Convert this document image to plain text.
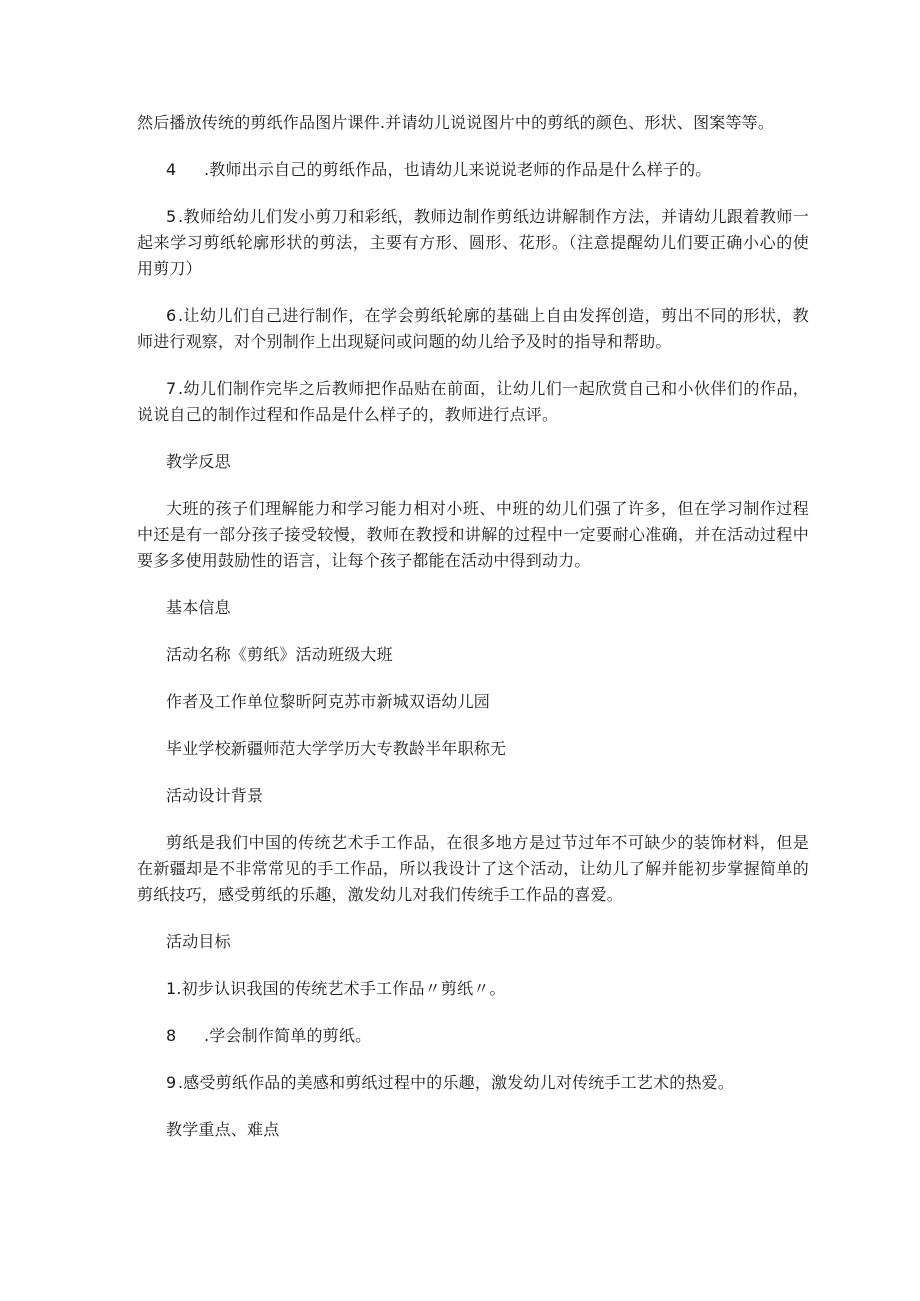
然后播放传统的剪纸作品图片课件.并请幼儿说说图片中的剪纸的颜色、形状、图案等等。

4 .教师出示自己的剪纸作品，也请幼儿来说说老师的作品是什么样子的。

5 .教师给幼儿们发小剪刀和彩纸，教师边制作剪纸边讲解制作方法，并请幼儿跟着教师一起来学习剪纸轮廓形状的剪法，主要有方形、圆形、花形。（注意提醒幼儿们要正确小心的使用剪刀）

6 .让幼儿们自己进行制作，在学会剪纸轮廓的基础上自由发挥创造，剪出不同的形状，教师进行观察，对个别制作上出现疑问或问题的幼儿给予及时的指导和帮助。

7 .幼儿们制作完毕之后教师把作品贴在前面，让幼儿们一起欣赏自己和小伙伴们的作品，说说自己的制作过程和作品是什么样子的，教师进行点评。

教学反思

大班的孩子们理解能力和学习能力相对小班、中班的幼儿们强了许多，但在学习制作过程中还是有一部分孩子接受较慢，教师在教授和讲解的过程中一定要耐心准确，并在活动过程中要多多使用鼓励性的语言，让每个孩子都能在活动中得到动力。

基本信息

活动名称《剪纸》活动班级大班

作者及工作单位黎昕阿克苏市新城双语幼儿园

毕业学校新疆师范大学学历大专教龄半年职称无

活动设计背景

剪纸是我们中国的传统艺术手工作品，在很多地方是过节过年不可缺少的装饰材料，但是在新疆却是不非常常见的手工作品，所以我设计了这个活动，让幼儿了解并能初步掌握简单的剪纸技巧，感受剪纸的乐趣，激发幼儿对我们传统手工作品的喜爱。

活动目标

1.初步认识我国的传统艺术手工作品〃剪纸〃。

8 .学会制作简单的剪纸。

9 .感受剪纸作品的美感和剪纸过程中的乐趣，激发幼儿对传统手工艺术的热爱。

教学重点、难点
